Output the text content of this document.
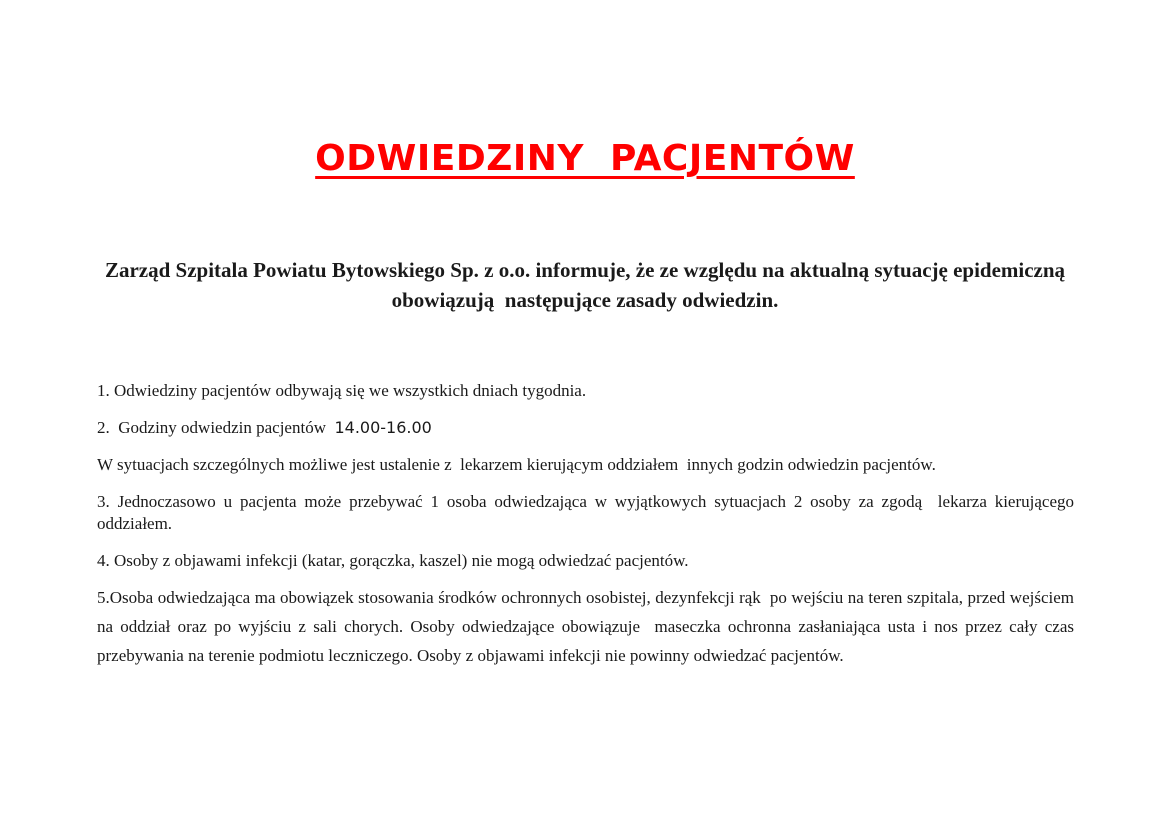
ODWIEDZINY  PACJENTÓW

Zarząd Szpitala Powiatu Bytowskiego Sp. z o.o. informuje, że ze względu na aktualną sytuację epidemiczną obowiązują  następujące zasady odwiedzin.

1. Odwiedziny pacjentów odbywają się we wszystkich dniach tygodnia.

2.  Godziny odwiedzin pacjentów  14.00-16.00

W sytuacjach szczególnych możliwe jest ustalenie z  lekarzem kierującym oddziałem  innych godzin odwiedzin pacjentów.

3. Jednoczasowo u pacjenta może przebywać 1 osoba odwiedzająca w wyjątkowych sytuacjach 2 osoby za zgodą  lekarza kierującego oddziałem.

4. Osoby z objawami infekcji (katar, gorączka, kaszel) nie mogą odwiedzać pacjentów.

5.Osoba odwiedzająca ma obowiązek stosowania środków ochronnych osobistej, dezynfekcji rąk  po wejściu na teren szpitala, przed wejściem na oddział oraz po wyjściu z sali chorych. Osoby odwiedzające obowiązuje  maseczka ochronna zasłaniająca usta i nos przez cały czas przebywania na terenie podmiotu leczniczego. Osoby z objawami infekcji nie powinny odwiedzać pacjentów.
